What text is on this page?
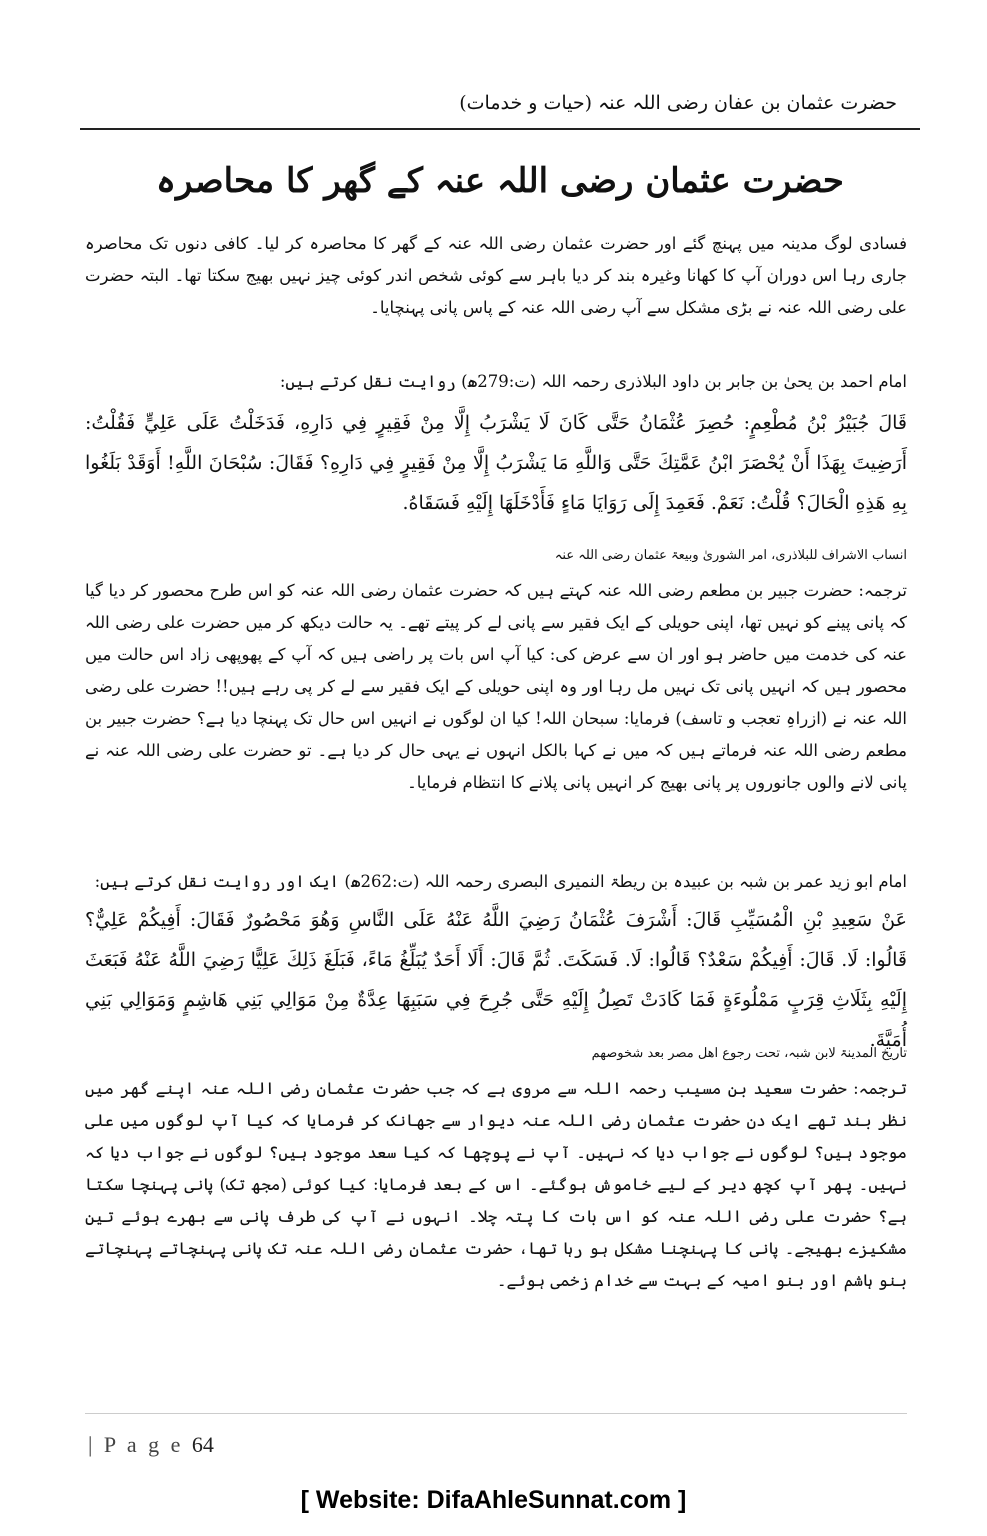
حضرت عثمان بن عفان رضی اللہ عنہ (حیات و خدمات)
حضرت عثمان رضی اللہ عنہ کے گھر کا محاصرہ
فسادی لوگ مدینہ میں پہنچ گئے اور حضرت عثمان رضی اللہ عنہ کے گھر کا محاصرہ کر لیا۔ کافی دنوں تک محاصرہ جاری رہا اس دوران آپ کا کھانا وغیرہ بند کر دیا باہر سے کوئی شخص اندر کوئی چیز نہیں بھیج سکتا تھا۔ البتہ حضرت علی رضی اللہ عنہ نے بڑی مشکل سے آپ رضی اللہ عنہ کے پاس پانی پہنچایا۔
امام احمد بن یحیٰ بن جابر بن داود البلاذری رحمہ اللہ (ت:279ھ) روایت نقل کرتے ہیں:
قَالَ جُبَيْرُ بْنُ مُطْعِمٍ: حُصِرَ عُثْمَانُ حَتَّى كَانَ لَا يَشْرَبُ إِلَّا مِنْ فَقِيرٍ فِي دَارِهِ، فَدَخَلْتُ عَلَى عَلِيٍّ فَقُلْتُ: أَرَضِيتَ بِهَذَا أَنْ يُحْصَرَ ابْنُ عَمَّتِكَ حَتَّى وَاللَّهِ مَا يَشْرَبُ إِلَّا مِنْ فَقِيرٍ فِي دَارِهِ؟ فَقَالَ: سُبْحَانَ اللَّهِ! أَوَقَدْ بَلَغُوا بِهِ هَذِهِ الْحَالَ؟ قُلْتُ: نَعَمْ. فَعَمِدَ إِلَى رَوَايَا مَاءٍ فَأَدْخَلَهَا إِلَيْهِ فَسَقَاهُ.
انساب الاشراف للبلاذری، امر الشوریٰ وبیعۃ عثمان رضی اللہ عنہ
ترجمہ: حضرت جبیر بن مطعم رضی اللہ عنہ کہتے ہیں کہ حضرت عثمان رضی اللہ عنہ کو اس طرح محصور کر دیا گیا کہ پانی پینے کو نہیں تھا، اپنی حویلی کے ایک فقیر سے پانی لے کر پیتے تھے۔ یہ حالت دیکھ کر میں حضرت علی رضی اللہ عنہ کی خدمت میں حاضر ہو اور ان سے عرض کی: کیا آپ اس بات پر راضی ہیں کہ آپ کے پھوپھی زاد اس حالت میں محصور ہیں کہ انہیں پانی تک نہیں مل رہا اور وہ اپنی حویلی کے ایک فقیر سے لے کر پی رہے ہیں!! حضرت علی رضی اللہ عنہ نے (ازراہِ تعجب و تاسف) فرمایا: سبحان اللہ! کیا ان لوگوں نے انہیں اس حال تک پہنچا دیا ہے؟ حضرت جبیر بن مطعم رضی اللہ عنہ فرماتے ہیں کہ میں نے کہا بالکل انہوں نے یہی حال کر دیا ہے۔ تو حضرت علی رضی اللہ عنہ نے پانی لانے والوں جانوروں پر پانی بھیج کر انہیں پانی پلانے کا انتظام فرمایا۔
امام ابو زید عمر بن شبہ بن عبیدہ بن ریطۃ النمیری البصری رحمہ اللہ (ت:262ھ) ایک اور روایت نقل کرتے ہیں:
عَنْ سَعِيدِ بْنِ الْمُسَيِّبِ قَالَ: أَشْرَفَ عُثْمَانُ رَضِيَ اللَّهُ عَنْهُ عَلَى النَّاسِ وَهُوَ مَحْصُورٌ فَقَالَ: أَفِيكُمْ عَلِيٌّ؟ قَالُوا: لَا. قَالَ: أَفِيكُمْ سَعْدٌ؟ قَالُوا: لَا. فَسَكَتَ. ثُمَّ قَالَ: أَلَا أَحَدٌ يُبَلِّغُ مَاءً، فَبَلَغَ ذَلِكَ عَلِيًّا رَضِيَ اللَّهُ عَنْهُ فَبَعَثَ إِلَيْهِ بِثَلَاثِ قِرَبٍ مَمْلُوءَةٍ فَمَا كَادَتْ تَصِلُ إِلَيْهِ حَتَّى جُرِحَ فِي سَبَبِهَا عِدَّةٌ مِنْ مَوَالِي بَنِي هَاشِمٍ وَمَوَالِي بَنِي أُمَيَّةَ.
تاریخ المدینۃ لابن شبہ، تحت رجوع اھل مصر بعد شخوصھم
ترجمہ: حضرت سعید بن مسیب رحمہ اللہ سے مروی ہے کہ جب حضرت عثمان رضی اللہ عنہ اپنے گھر میں نظر بند تھے ایک دن حضرت عثمان رضی اللہ عنہ دیوار سے جھانک کر فرمایا کہ کیا آپ لوگوں میں علی موجود ہیں؟ لوگوں نے جواب دیا کہ نہیں۔ آپ نے پوچھا کہ کیا سعد موجود ہیں؟ لوگوں نے جواب دیا کہ نہیں۔ پھر آپ کچھ دیر کے لیے خاموش ہوگئے۔ اس کے بعد فرمایا: کیا کوئی (مجھ تک) پانی پہنچا سکتا ہے؟ حضرت علی رضی اللہ عنہ کو اس بات کا پتہ چلا۔ انہوں نے آپ کی طرف پانی سے بھرے ہوئے تین مشکیزے بھیجے۔ پانی کا پہنچنا مشکل ہو رہا تھا، حضرت عثمان رضی اللہ عنہ تک پانی پہنچاتے پہنچاتے بنو ہاشم اور بنو امیہ کے بہت سے خدام زخمی ہوئے۔
| P a g e 64
[ Website: DifaAhleSunnat.com ]
